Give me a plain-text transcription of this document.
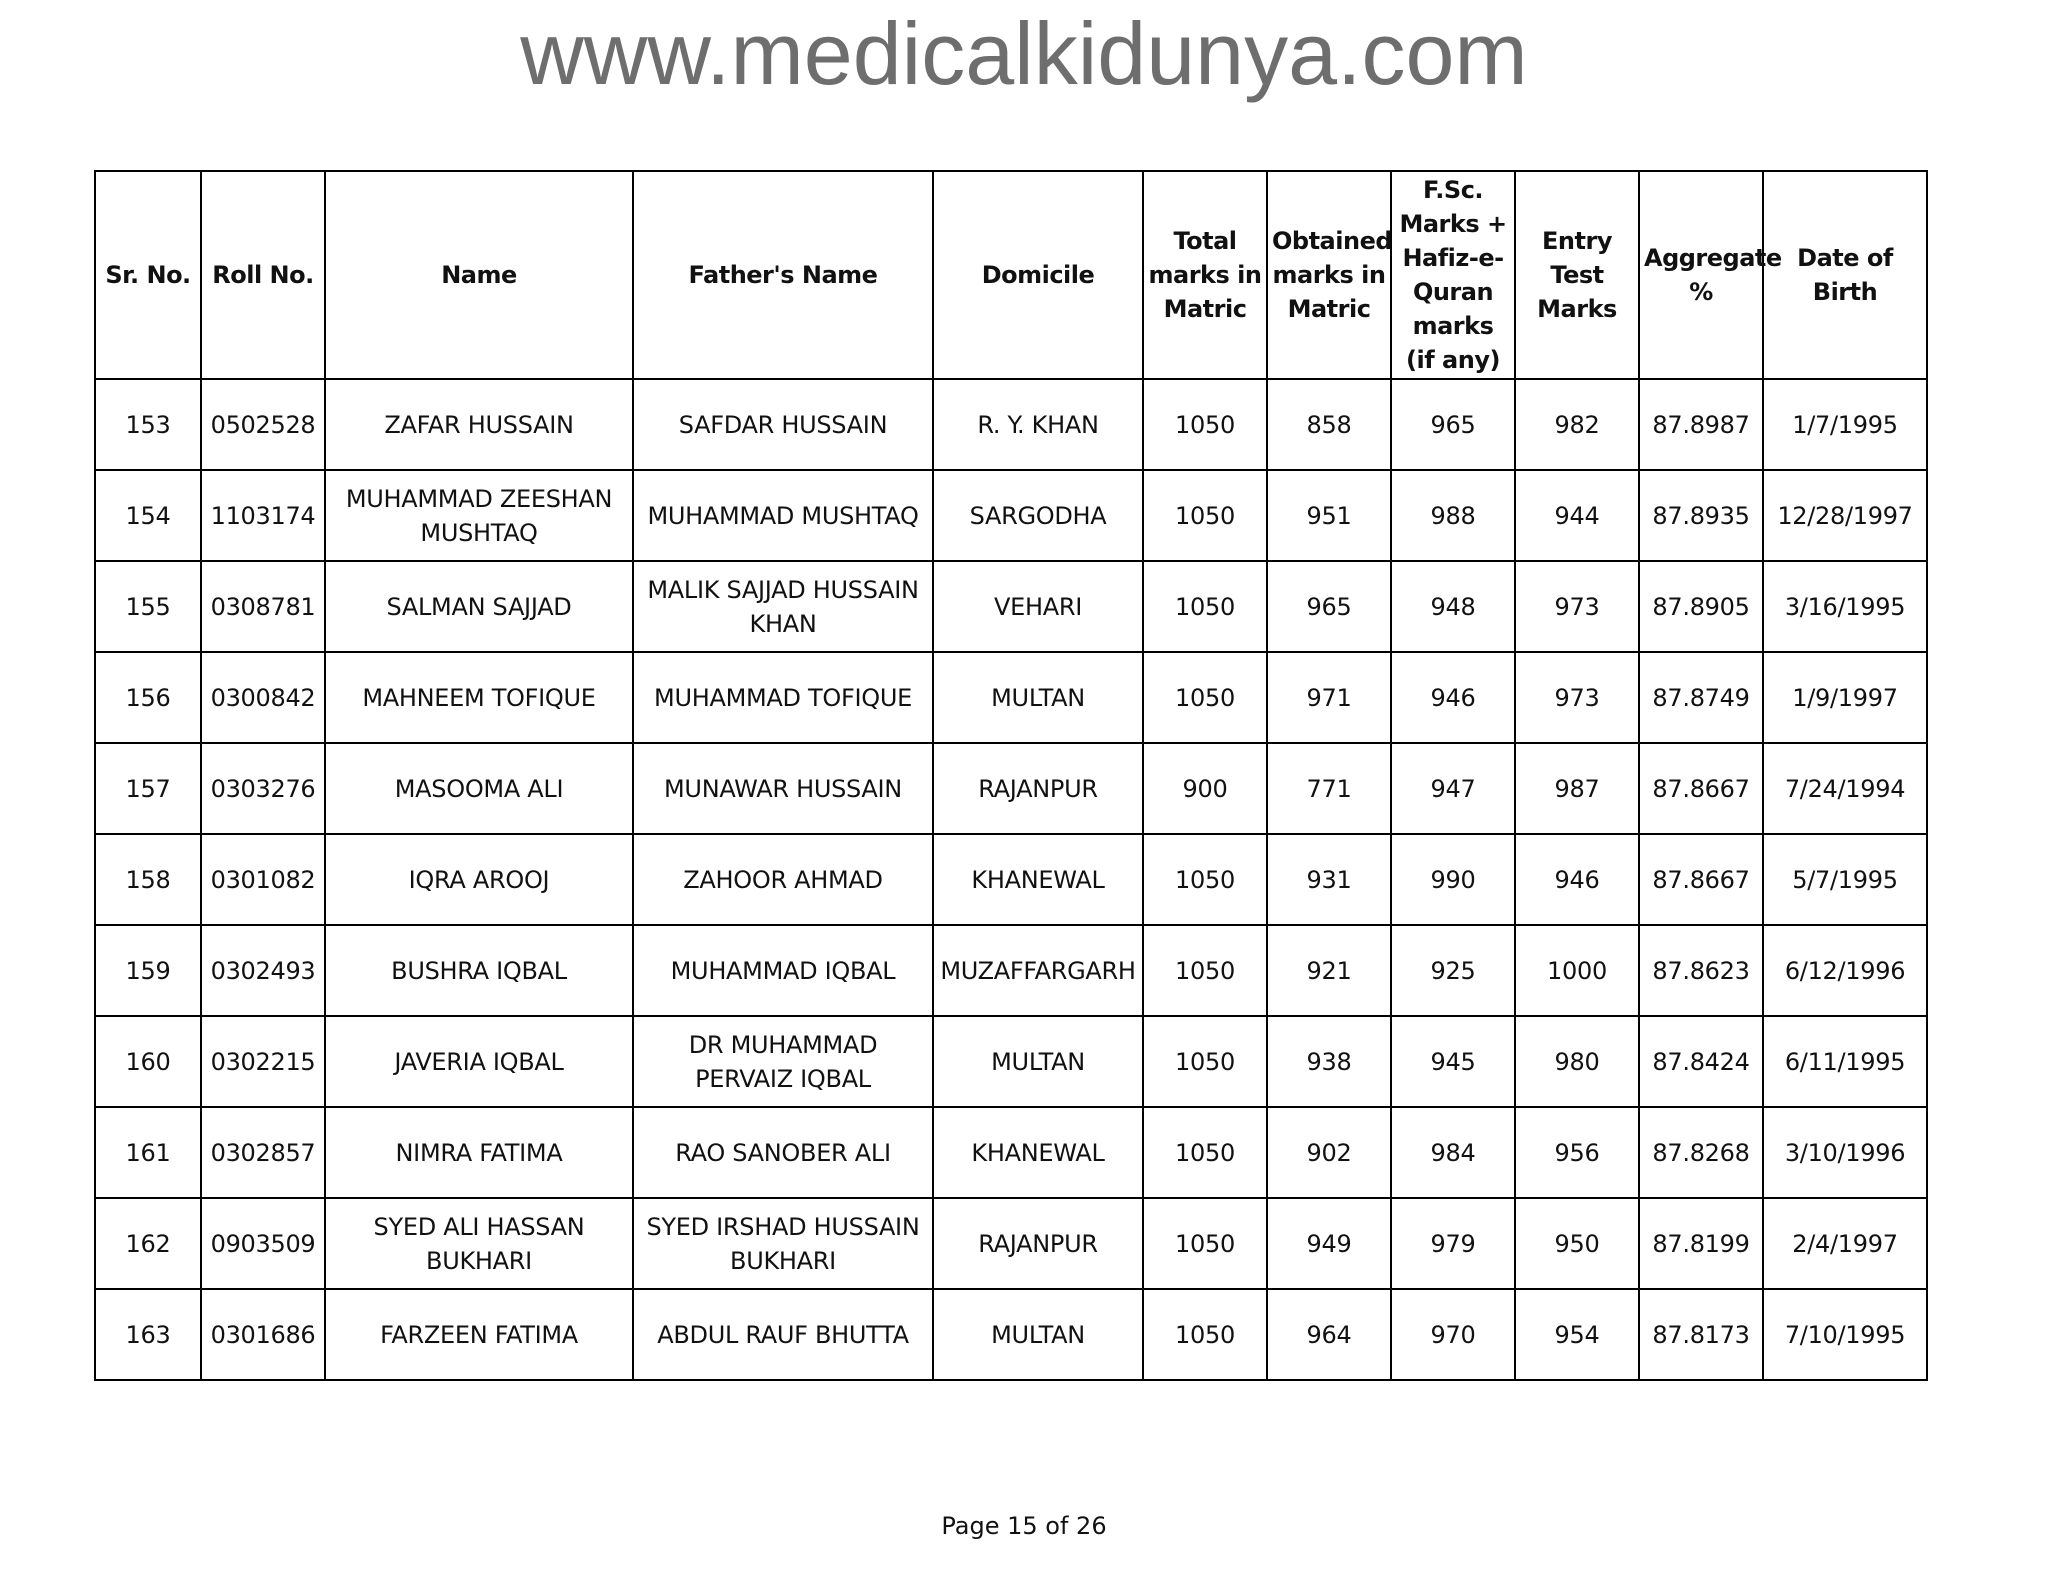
www.medicalkidunya.com
Sr. No.	Roll No.	Name	Father's Name	Domicile	Total marks in Matric	Obtained marks in Matric	F.Sc. Marks + Hafiz-e-Quran marks (if any)	Entry Test Marks	Aggregate %	Date of Birth
153	0502528	ZAFAR HUSSAIN	SAFDAR HUSSAIN	R. Y. KHAN	1050	858	965	982	87.8987	1/7/1995
154	1103174	MUHAMMAD ZEESHAN MUSHTAQ	MUHAMMAD MUSHTAQ	SARGODHA	1050	951	988	944	87.8935	12/28/1997
155	0308781	SALMAN SAJJAD	MALIK SAJJAD HUSSAIN KHAN	VEHARI	1050	965	948	973	87.8905	3/16/1995
156	0300842	MAHNEEM TOFIQUE	MUHAMMAD TOFIQUE	MULTAN	1050	971	946	973	87.8749	1/9/1997
157	0303276	MASOOMA ALI	MUNAWAR HUSSAIN	RAJANPUR	900	771	947	987	87.8667	7/24/1994
158	0301082	IQRA AROOJ	ZAHOOR AHMAD	KHANEWAL	1050	931	990	946	87.8667	5/7/1995
159	0302493	BUSHRA IQBAL	MUHAMMAD IQBAL	MUZAFFARGARH	1050	921	925	1000	87.8623	6/12/1996
160	0302215	JAVERIA IQBAL	DR MUHAMMAD PERVAIZ IQBAL	MULTAN	1050	938	945	980	87.8424	6/11/1995
161	0302857	NIMRA FATIMA	RAO SANOBER ALI	KHANEWAL	1050	902	984	956	87.8268	3/10/1996
162	0903509	SYED ALI HASSAN BUKHARI	SYED IRSHAD HUSSAIN BUKHARI	RAJANPUR	1050	949	979	950	87.8199	2/4/1997
163	0301686	FARZEEN FATIMA	ABDUL RAUF BHUTTA	MULTAN	1050	964	970	954	87.8173	7/10/1995
Page 15 of 26
